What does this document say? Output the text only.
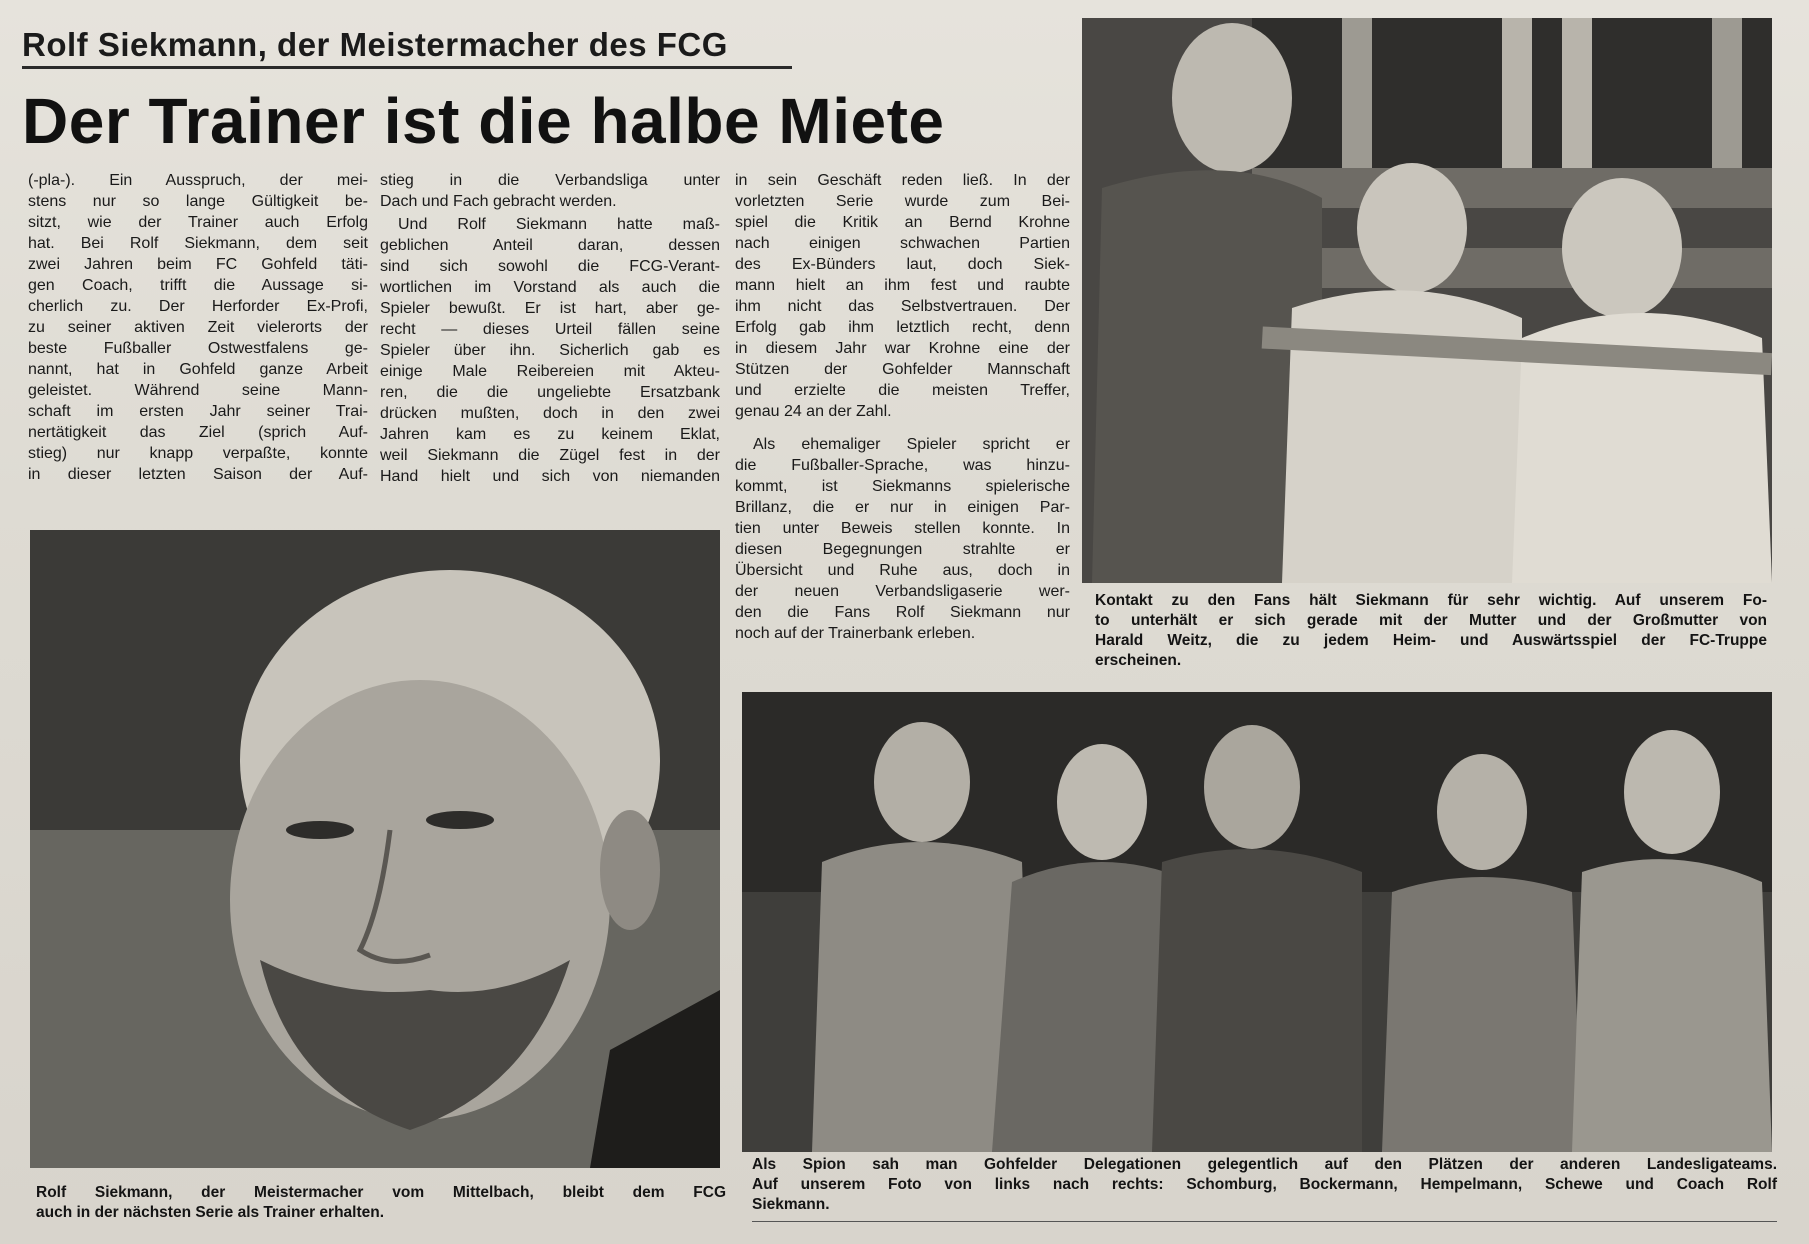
Rolf Siekmann, der Meistermacher des FCG
Der Trainer ist die halbe Miete

(-pla-). Ein Ausspruch, der mei-
stens nur so lange Gültigkeit be-
sitzt, wie der Trainer auch Erfolg
hat. Bei Rolf Siekmann, dem seit
zwei Jahren beim FC Gohfeld täti-
gen Coach, trifft die Aussage si-
cherlich zu. Der Herforder Ex-Profi,
zu seiner aktiven Zeit vielerorts der
beste Fußballer Ostwestfalens ge-
nannt, hat in Gohfeld ganze Arbeit
geleistet. Während seine Mann-
schaft im ersten Jahr seiner Trai-
nertätigkeit das Ziel (sprich Auf-
stieg) nur knapp verpaßte, konnte
in dieser letzten Saison der Auf-

stieg in die Verbandsliga unter
Dach und Fach gebracht werden.

Und Rolf Siekmann hatte maß-
geblichen Anteil daran, dessen
sind sich sowohl die FCG-Verant-
wortlichen im Vorstand als auch die
Spieler bewußt. Er ist hart, aber ge-
recht — dieses Urteil fällen seine
Spieler über ihn. Sicherlich gab es
einige Male Reibereien mit Akteu-
ren, die die ungeliebte Ersatzbank
drücken mußten, doch in den zwei
Jahren kam es zu keinem Eklat,
weil Siekmann die Zügel fest in der
Hand hielt und sich von niemanden

in sein Geschäft reden ließ. In der
vorletzten Serie wurde zum Bei-
spiel die Kritik an Bernd Krohne
nach einigen schwachen Partien
des Ex-Bünders laut, doch Siek-
mann hielt an ihm fest und raubte
ihm nicht das Selbstvertrauen. Der
Erfolg gab ihm letztlich recht, denn
in diesem Jahr war Krohne eine der
Stützen der Gohfelder Mannschaft
und erzielte die meisten Treffer,
genau 24 an der Zahl.

Als ehemaliger Spieler spricht er
die Fußballer-Sprache, was hinzu-
kommt, ist Siekmanns spielerische
Brillanz, die er nur in einigen Par-
tien unter Beweis stellen konnte. In
diesen Begegnungen strahlte er
Übersicht und Ruhe aus, doch in
der neuen Verbandsligaserie wer-
den die Fans Rolf Siekmann nur
noch auf der Trainerbank erleben.

Rolf Siekmann, der Meistermacher vom Mittelbach, bleibt dem FCG
auch in der nächsten Serie als Trainer erhalten.
Kontakt zu den Fans hält Siekmann für sehr wichtig. Auf unserem Fo-
to unterhält er sich gerade mit der Mutter und der Großmutter von
Harald Weitz, die zu jedem Heim- und Auswärtsspiel der FC-Truppe
erscheinen.
Als Spion sah man Gohfelder Delegationen gelegentlich auf den Plätzen der anderen Landesligateams.
Auf unserem Foto von links nach rechts: Schomburg, Bockermann, Hempelmann, Schewe und Coach Rolf
Siekmann.
